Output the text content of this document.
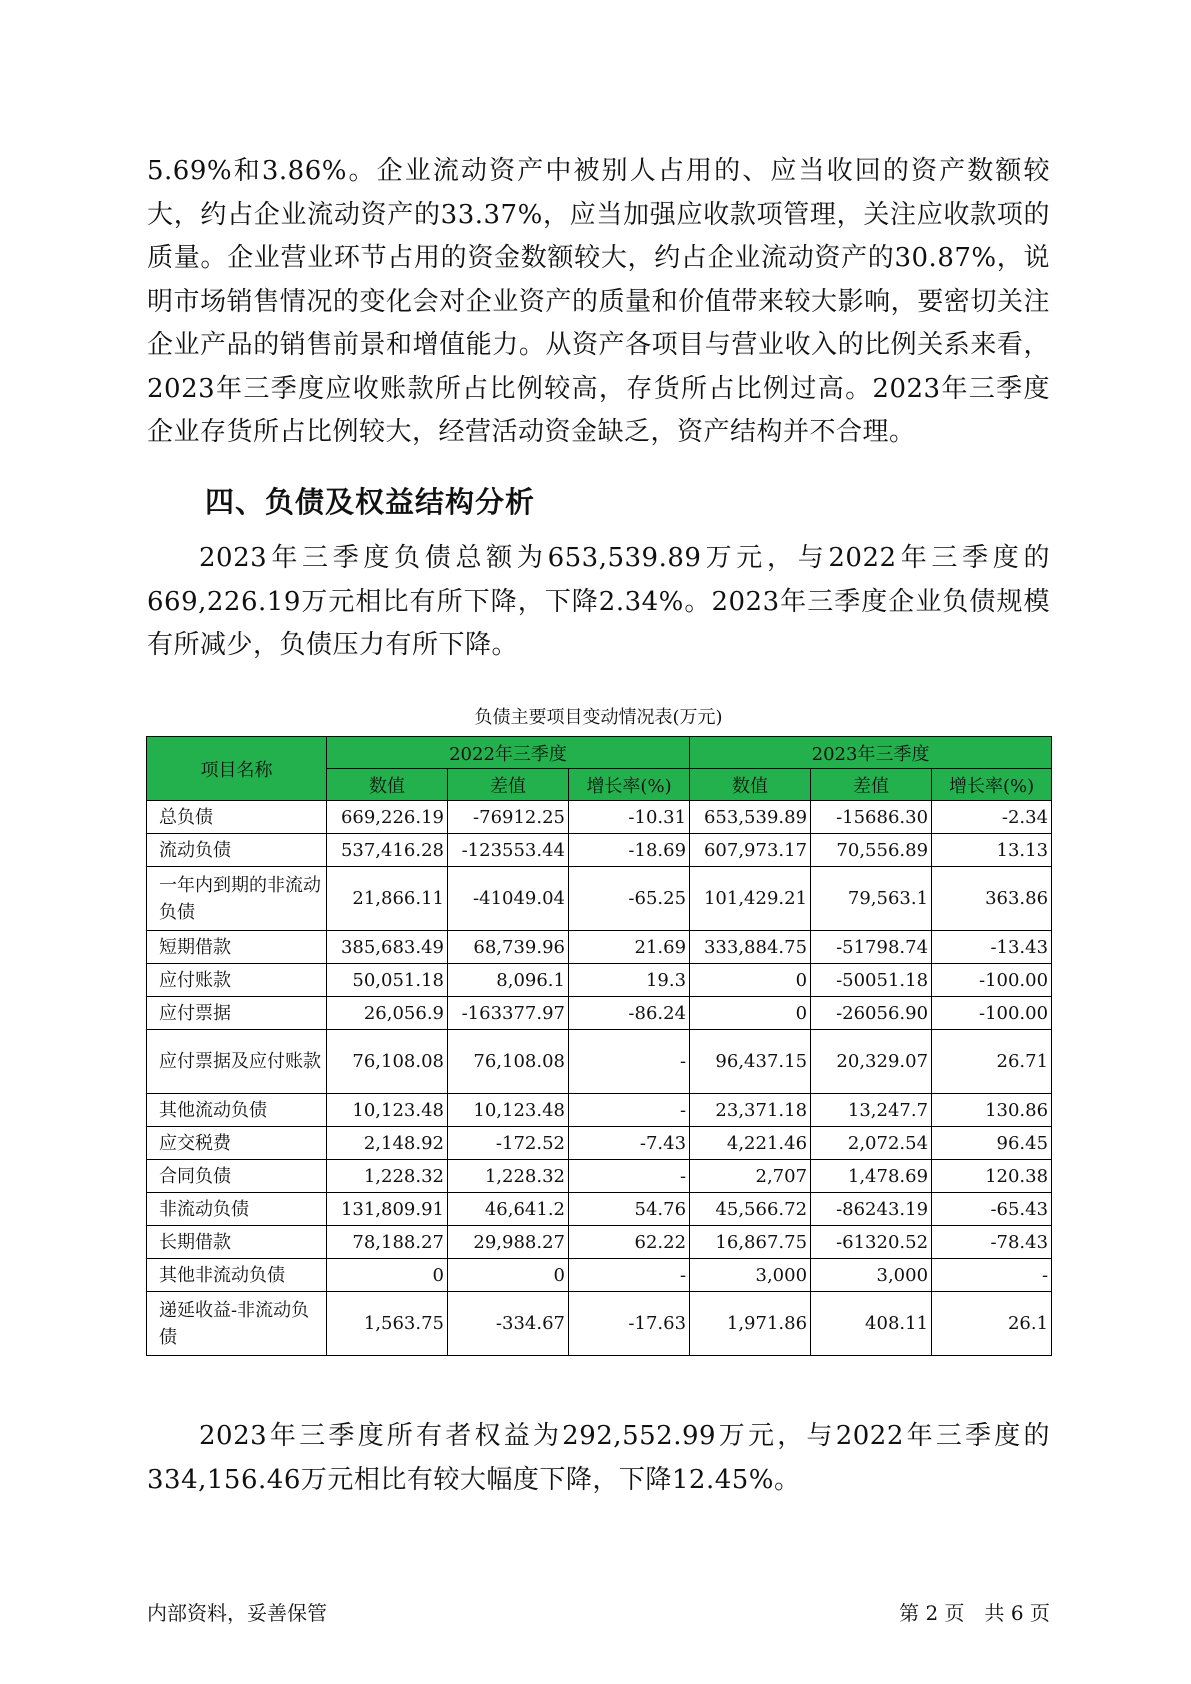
5.69%和3.86%。企业流动资产中被别人占用的、应当收回的资产数额较大，约占企业流动资产的33.37%，应当加强应收款项管理，关注应收款项的质量。企业营业环节占用的资金数额较大，约占企业流动资产的30.87%，说明市场销售情况的变化会对企业资产的质量和价值带来较大影响，要密切关注企业产品的销售前景和增值能力。从资产各项目与营业收入的比例关系来看，2023年三季度应收账款所占比例较高，存货所占比例过高。2023年三季度企业存货所占比例较大，经营活动资金缺乏，资产结构并不合理。

四、负债及权益结构分析

2023年三季度负债总额为653,539.89万元，与2022年三季度的669,226.19万元相比有所下降，下降2.34%。2023年三季度企业负债规模有所减少，负债压力有所下降。

负债主要项目变动情况表(万元)

项目名称	2022年三季度			2023年三季度		
	数值	差值	增长率(%)	数值	差值	增长率(%)
总负债	669,226.19	-76912.25	-10.31	653,539.89	-15686.30	-2.34
流动负债	537,416.28	-123553.44	-18.69	607,973.17	70,556.89	13.13
一年内到期的非流动负债	21,866.11	-41049.04	-65.25	101,429.21	79,563.1	363.86
短期借款	385,683.49	68,739.96	21.69	333,884.75	-51798.74	-13.43
应付账款	50,051.18	8,096.1	19.3	0	-50051.18	-100.00
应付票据	26,056.9	-163377.97	-86.24	0	-26056.90	-100.00
应付票据及应付账款	76,108.08	76,108.08	-	96,437.15	20,329.07	26.71
其他流动负债	10,123.48	10,123.48	-	23,371.18	13,247.7	130.86
应交税费	2,148.92	-172.52	-7.43	4,221.46	2,072.54	96.45
合同负债	1,228.32	1,228.32	-	2,707	1,478.69	120.38
非流动负债	131,809.91	46,641.2	54.76	45,566.72	-86243.19	-65.43
长期借款	78,188.27	29,988.27	62.22	16,867.75	-61320.52	-78.43
其他非流动负债	0	0	-	3,000	3,000	-
递延收益-非流动负债	1,563.75	-334.67	-17.63	1,971.86	408.11	26.1

2023年三季度所有者权益为292,552.99万元，与2022年三季度的334,156.46万元相比有较大幅度下降，下降12.45%。

内部资料，妥善保管	第 2 页　共 6 页
